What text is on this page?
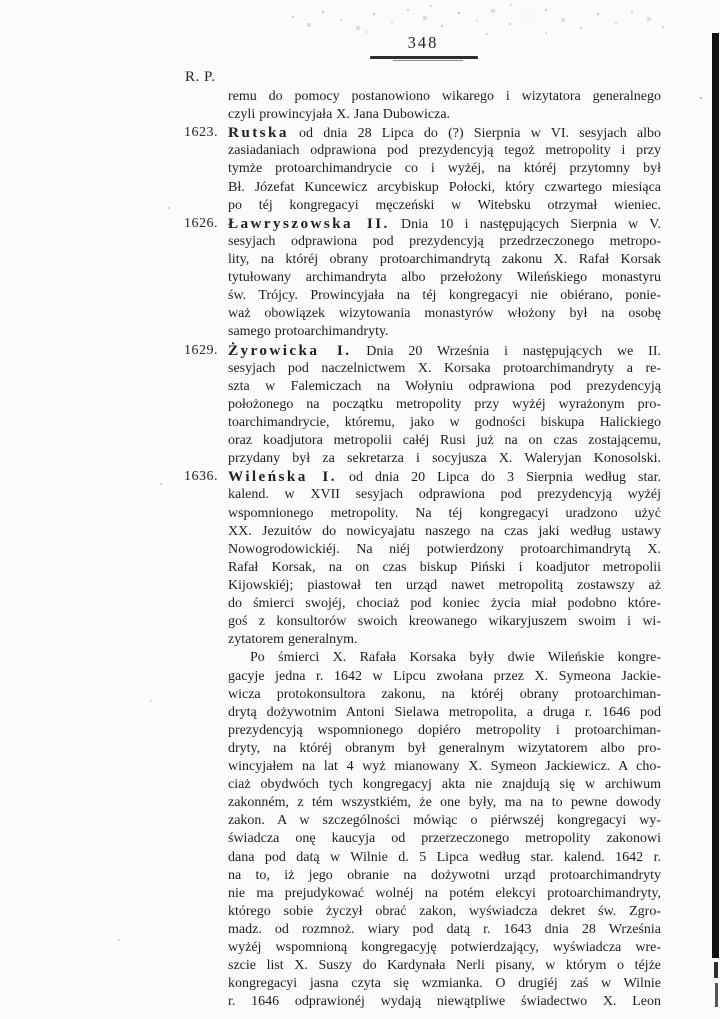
348
R. P.
remu do pomocy postanowiono wikarego i wizytatora generalnego
czyli prowincyjała X. Jana Dubowicza.
1623. Rutska od dnia 28 Lipca do (?) Sierpnia w VI. sesyjach albo
zasiadaniach odprawiona pod prezydencyją tegoż metropolity i przy
tymże protoarchimandrycie co i wyżéj, na któréj przytomny był
Bł. Józefat Kuncewicz arcybiskup Połocki, który czwartego miesiąca
po téj kongregacyi męczeński w Witebsku otrzymał wieniec.
1626. Ławryszowska II. Dnia 10 i następujących Sierpnia w V.
sesyjach odprawiona pod prezydencyją przedrzeczonego metropo-
lity, na któréj obrany protoarchimandrytą zakonu X. Rafał Korsak
tytułowany archimandryta albo przełożony Wileńskiego monastyru
św. Trójcy. Prowincyjała na téj kongregacyi nie obiérano, ponie-
waż obowiązek wizytowania monastyrów włożony był na osobę
samego protoarchimandryty.
1629. Żyrowicka I. Dnia 20 Września i następujących we II.
sesyjach pod naczelnictwem X. Korsaka protoarchimandryty a re-
szta w Falemiczach na Wołyniu odprawiona pod prezydencyją
położonego na początku metropolity przy wyżéj wyrażonym pro-
toarchimandrycie, któremu, jako w godności biskupa Halickiego
oraz koadjutora metropolii całéj Rusi już na on czas zostającemu,
przydany był za sekretarza i socyjusza X. Waleryjan Konosolski.
1636. Wileńska I. od dnia 20 Lipca do 3 Sierpnia według star.
kalend. w XVII sesyjach odprawiona pod prezydencyją wyżéj
wspomnionego metropolity. Na téj kongregacyi uradzono użyć
XX. Jezuitów do nowicyajatu naszego na czas jaki według ustawy
Nowogrodowickiéj. Na niéj potwierdzony protoarchimandrytą X.
Rafał Korsak, na on czas biskup Piński i koadjutor metropolii
Kijowskiéj; piastował ten urząd nawet metropolitą zostawszy aż
do śmierci swojéj, chociaż pod koniec życia miał podobno które-
goś z konsultorów swoich kreowanego wikaryjuszem swoim i wi-
zytatorem generalnym.
Po śmierci X. Rafała Korsaka były dwie Wileńskie kongre-
gacyje jedna r. 1642 w Lipcu zwołana przez X. Symeona Jackie-
wicza protokonsultora zakonu, na któréj obrany protoarchiman-
drytą dożywotnim Antoni Sielawa metropolita, a druga r. 1646 pod
prezydencyją wspomnionego dopiéro metropolity i protoarchiman-
dryty, na któréj obranym był generalnym wizytatorem albo pro-
wincyjałem na lat 4 wyż mianowany X. Symeon Jackiewicz. A cho-
ciaż obydwóch tych kongregacyj akta nie znajdują się w archiwum
zakonném, z tém wszystkiém, że one były, ma na to pewne dowody
zakon. A w szczególności mówiąc o piérwszéj kongregacyi wy-
świadcza onę kaucyja od przerzeczonego metropolity zakonowi
dana pod datą w Wilnie d. 5 Lipca według star. kalend. 1642 r.
na to, iż jego obranie na dożywotni urząd protoarchimandryty
nie ma prejudykować wolnéj na potém elekcyi protoarchimandryty,
którego sobie życzył obrać zakon, wyświadcza dekret św. Zgro-
madz. od rozmnoż. wiary pod datą r. 1643 dnia 28 Września
wyżéj wspomnioną kongregacyję potwierdzający, wyświadcza wre-
szcie list X. Suszy do Kardynała Nerli pisany, w którym o téjże
kongregacyi jasna czyta się wzmianka. O drugiéj zaś w Wilnie
r. 1646 odprawionéj wydają niewątpliwe świadectwo X. Leon
